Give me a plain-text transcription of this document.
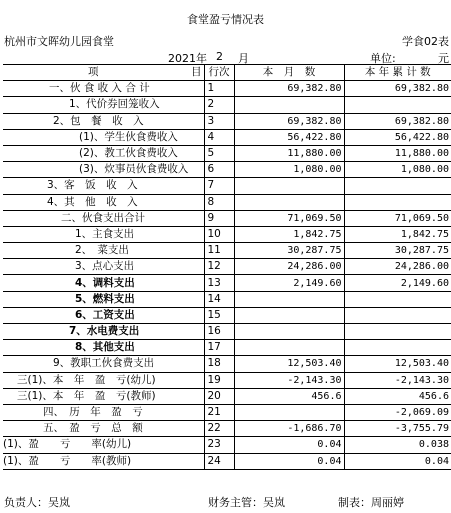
食堂盈亏情况表
杭州市文晖幼儿园食堂	学食02表
2021年 2 月	单位:	元
项 目	行次	本　月　数	本 年 累 计 数
一、伙 食 收 入 合 计	1	69,382.80	69,382.80
1、代价券回笼收入	2		
2、包　餐　收　入	3	69,382.80	69,382.80
(1)、学生伙食费收入	4	56,422.80	56,422.80
(2)、教工伙食费收入	5	11,880.00	11,880.00
(3)、炊事员伙食费收入	6	1,080.00	1,080.00
3、客　饭　收　入	7		
4、其　他　收　入	8		
二、伙食支出合计	9	71,069.50	71,069.50
1、主食支出	10	1,842.75	1,842.75
2、　菜支出	11	30,287.75	30,287.75
3、点心支出	12	24,286.00	24,286.00
4、调料支出	13	2,149.60	2,149.60
5、燃料支出	14		
6、工资支出	15		
7、水电费支出	16		
8、其他支出	17		
9、教职工伙食费支出	18	12,503.40	12,503.40
三(1)、本　年　盈　亏(幼儿)	19	-2,143.30	-2,143.30
三(1)、本　年　盈　亏(教师)	20	456.6	456.6
四、　历　年　盈　亏	21		-2,069.09
五、　盈　亏　总　额	22	-1,686.70	-3,755.79
(1)、盈　　亏　　率(幼儿)	23	0.04	0.038
(1)、盈　　亏　　率(教师)	24	0.04	0.04
负责人：吴岚	财务主管：吴岚	制表：周丽婷
